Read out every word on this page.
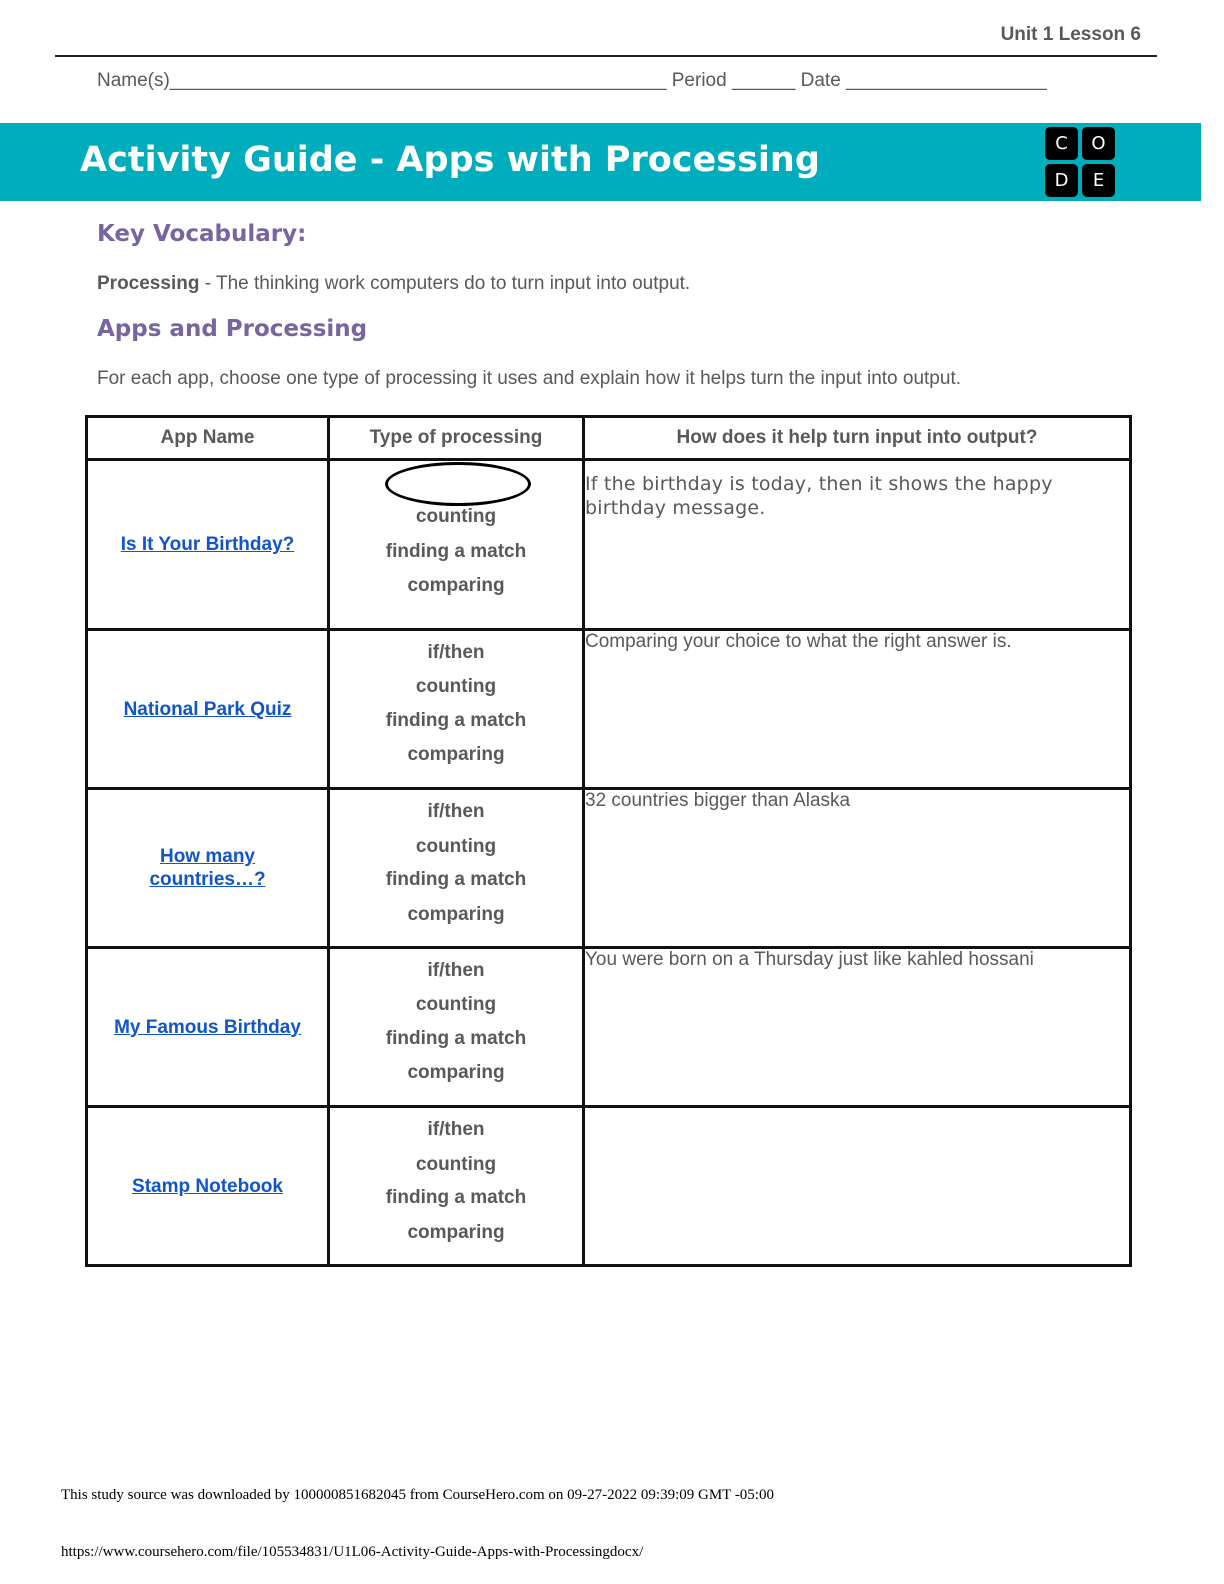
Unit 1 Lesson 6
Name(s)_______________________________________________ Period ______ Date ___________________
Activity Guide - Apps with Processing	C	O
D	E
Key Vocabulary:
Processing - The thinking work computers do to turn input into output.
Apps and Processing
For each app, choose one type of processing it uses and explain how it helps turn the input into output.
App Name	Type of processing	How does it help turn input into output?
Is It Your Birthday?	counting
finding a match
comparing	If the birthday is today, then it shows the happy birthday message.
National Park Quiz	if/then
counting
finding a match
comparing	Comparing your choice to what the right answer is.
How many countries…?	if/then
counting
finding a match
comparing	32 countries bigger than Alaska
My Famous Birthday	if/then
counting
finding a match
comparing	You were born on a Thursday just like kahled hossani
Stamp Notebook	if/then
counting
finding a match
comparing	

This study source was downloaded by 100000851682045 from CourseHero.com on 09-27-2022 09:39:09 GMT -05:00
https://www.coursehero.com/file/105534831/U1L06-Activity-Guide-Apps-with-Processingdocx/
